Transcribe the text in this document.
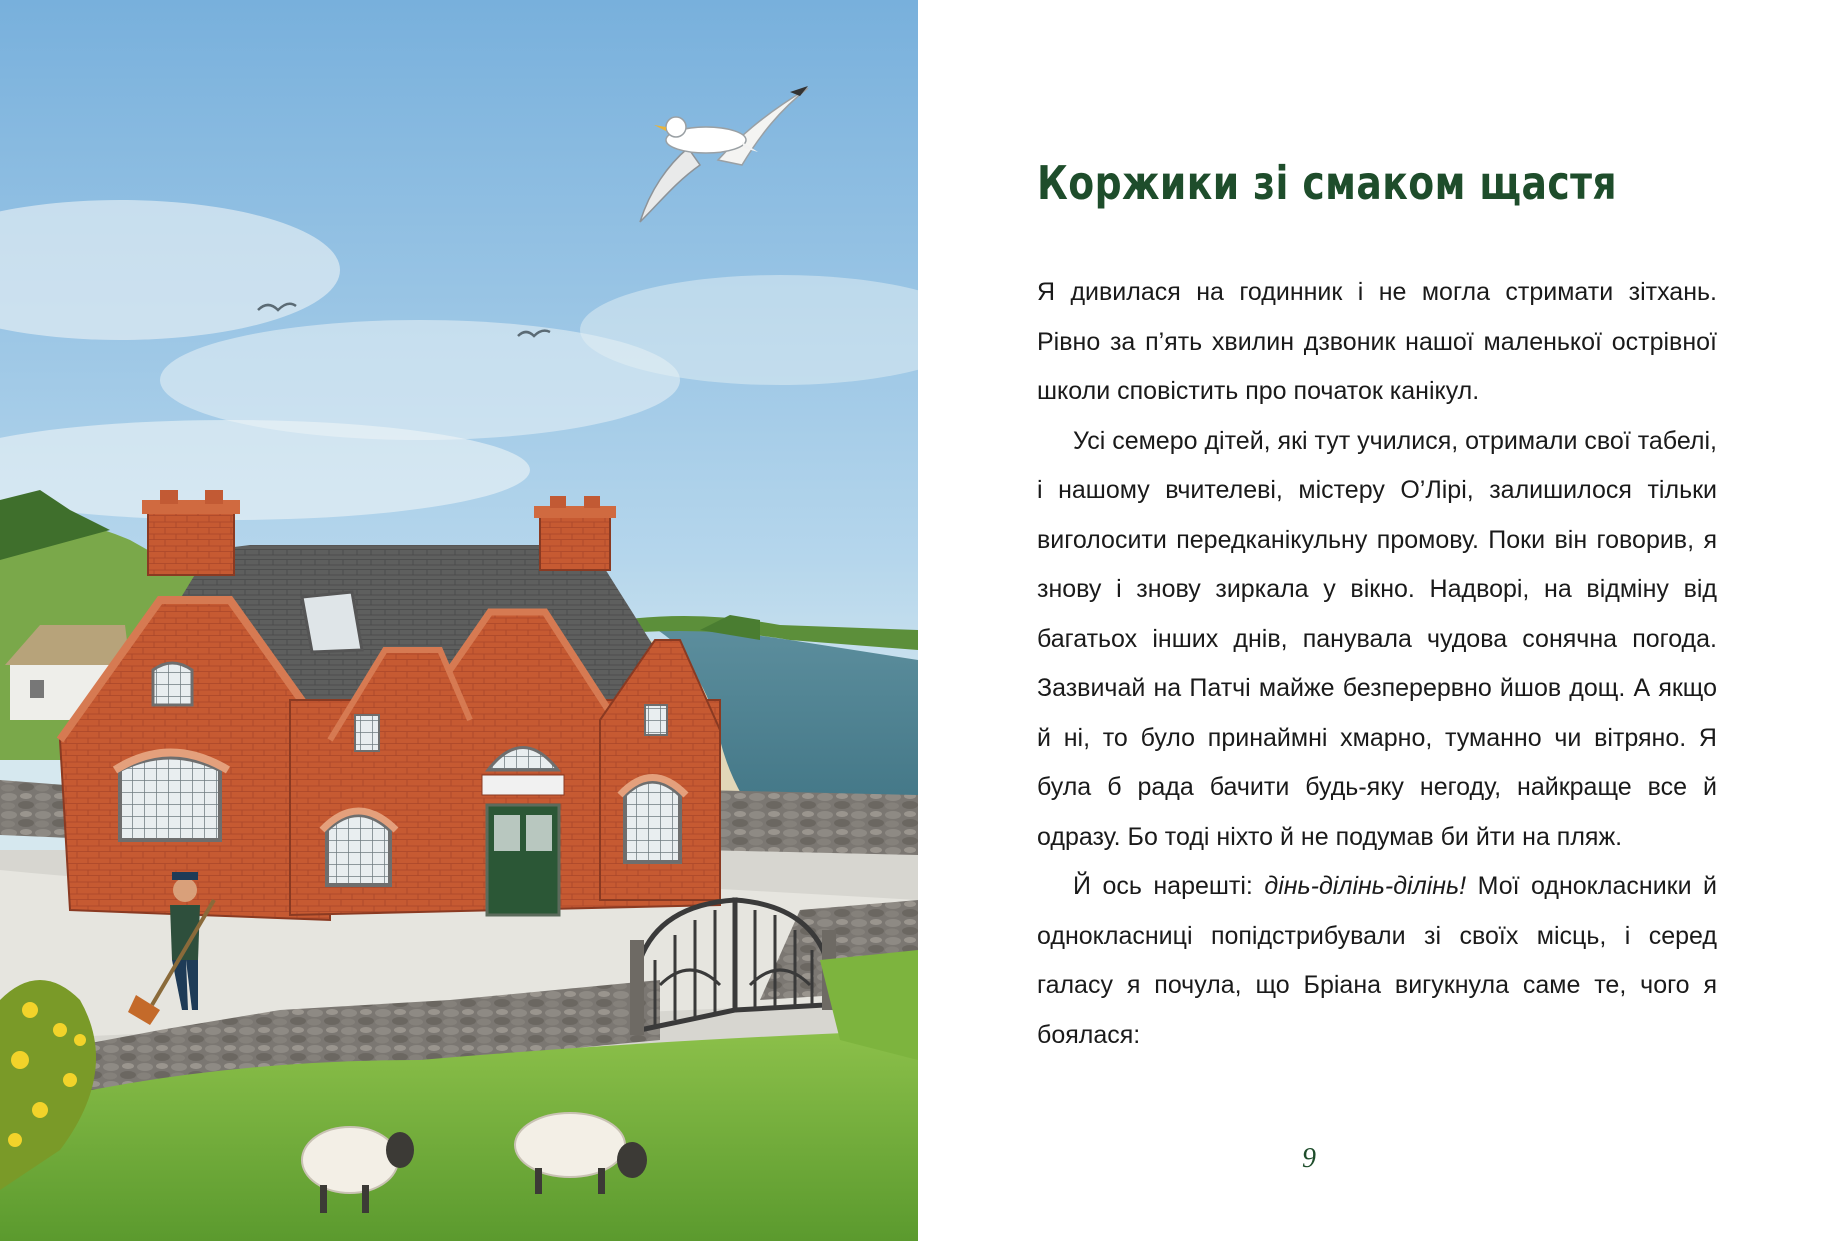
Коржики зі смаком щастя

Я дивилася на годинник і не могла стримати зітхань. Рівно за п’ять хвилин дзвоник нашої маленької острівної школи сповістить про початок канікул.

Усі семеро дітей, які тут училися, отримали свої табелі, і нашому вчителеві, містеру О’Лірі, залишилося тільки виголосити передканікульну промову. Поки він говорив, я знову і знову зиркала у вікно. Надворі, на відміну від багатьох інших днів, панувала чудова сонячна погода. Зазвичай на Патчі майже безперервно йшов дощ. А якщо й ні, то було принаймні хмарно, туманно чи вітряно. Я була б рада бачити будь-яку негоду, найкраще все й одразу. Бо тоді ніхто й не подумав би йти на пляж.

Й ось нарешті: дінь-ділінь-ділінь! Мої однокласники й однокласниці попідстрибували зі своїх місць, і серед галасу я почула, що Бріана вигукнула саме те, чого я боялася:

9
